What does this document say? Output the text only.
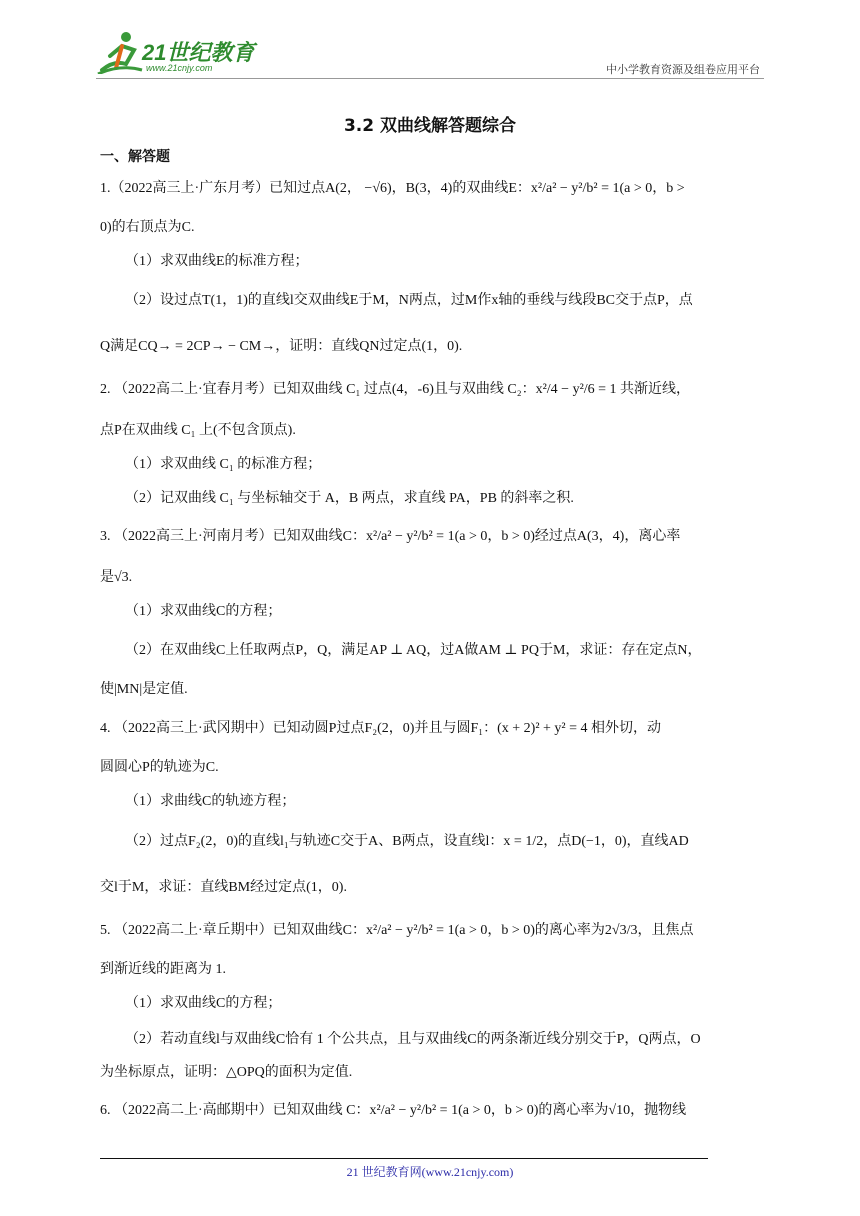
21世纪教育
www.21cnjy.com	中小学教育资源及组卷应用平台
3.2 双曲线解答题综合
一、解答题
1.（2022高三上·广东月考）已知过点A(2， −√6)，B(3，4)的双曲线E：x²/a² − y²/b² = 1(a > 0，b >
0)的右顶点为C.
（1）求双曲线E的标准方程；
（2）设过点T(1，1)的直线l交双曲线E于M，N两点，过M作x轴的垂线与线段BC交于点P，点
Q满足CQ→ = 2CP→ − CM→，证明：直线QN过定点(1，0).
2. （2022高二上·宜春月考）已知双曲线 C₁ 过点(4，-6)且与双曲线 C₂：x²/4 − y²/6 = 1 共渐近线，
点P在双曲线 C₁ 上(不包含顶点).
（1）求双曲线 C₁ 的标准方程；
（2）记双曲线 C₁ 与坐标轴交于 A，B 两点，求直线 PA，PB 的斜率之积.
3. （2022高三上·河南月考）已知双曲线C：x²/a² − y²/b² = 1(a > 0，b > 0)经过点A(3，4)，离心率
是√3.
（1）求双曲线C的方程；
（2）在双曲线C上任取两点P，Q，满足AP ⊥ AQ，过A做AM ⊥ PQ于M，求证：存在定点N，
使|MN|是定值.
4. （2022高三上·武冈期中）已知动圆P过点F₂(2，0)并且与圆F₁：(x + 2)² + y² = 4 相外切，动
圆圆心P的轨迹为C.
（1）求曲线C的轨迹方程；
（2）过点F₂(2，0)的直线l₁与轨迹C交于A、B两点，设直线l：x = 1/2，点D(−1，0)，直线AD
交l于M，求证：直线BM经过定点(1，0).
5. （2022高二上·章丘期中）已知双曲线C：x²/a² − y²/b² = 1(a > 0，b > 0)的离心率为2√3/3，且焦点
到渐近线的距离为 1.
（1）求双曲线C的方程；
（2）若动直线l与双曲线C恰有 1 个公共点，且与双曲线C的两条渐近线分别交于P，Q两点，O
为坐标原点，证明：△OPQ的面积为定值.
6. （2022高二上·高邮期中）已知双曲线 C：x²/a² − y²/b² = 1(a > 0，b > 0)的离心率为√10，抛物线
21 世纪教育网(www.21cnjy.com)
